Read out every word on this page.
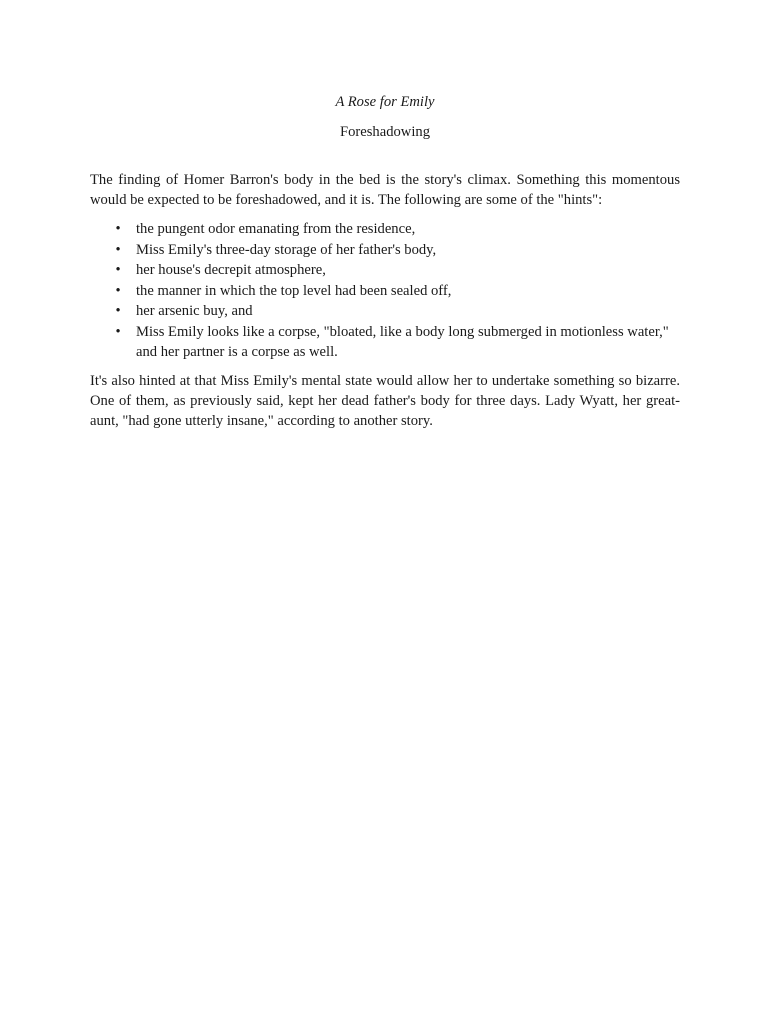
A Rose for Emily

Foreshadowing

The finding of Homer Barron's body in the bed is the story's climax. Something this momentous would be expected to be foreshadowed, and it is. The following are some of the "hints":

• the pungent odor emanating from the residence,
• Miss Emily's three-day storage of her father's body,
• her house's decrepit atmosphere,
• the manner in which the top level had been sealed off,
• her arsenic buy, and
• Miss Emily looks like a corpse, "bloated, like a body long submerged in motionless water," and her partner is a corpse as well.

It's also hinted at that Miss Emily's mental state would allow her to undertake something so bizarre. One of them, as previously said, kept her dead father's body for three days. Lady Wyatt, her great-aunt, "had gone utterly insane," according to another story.
